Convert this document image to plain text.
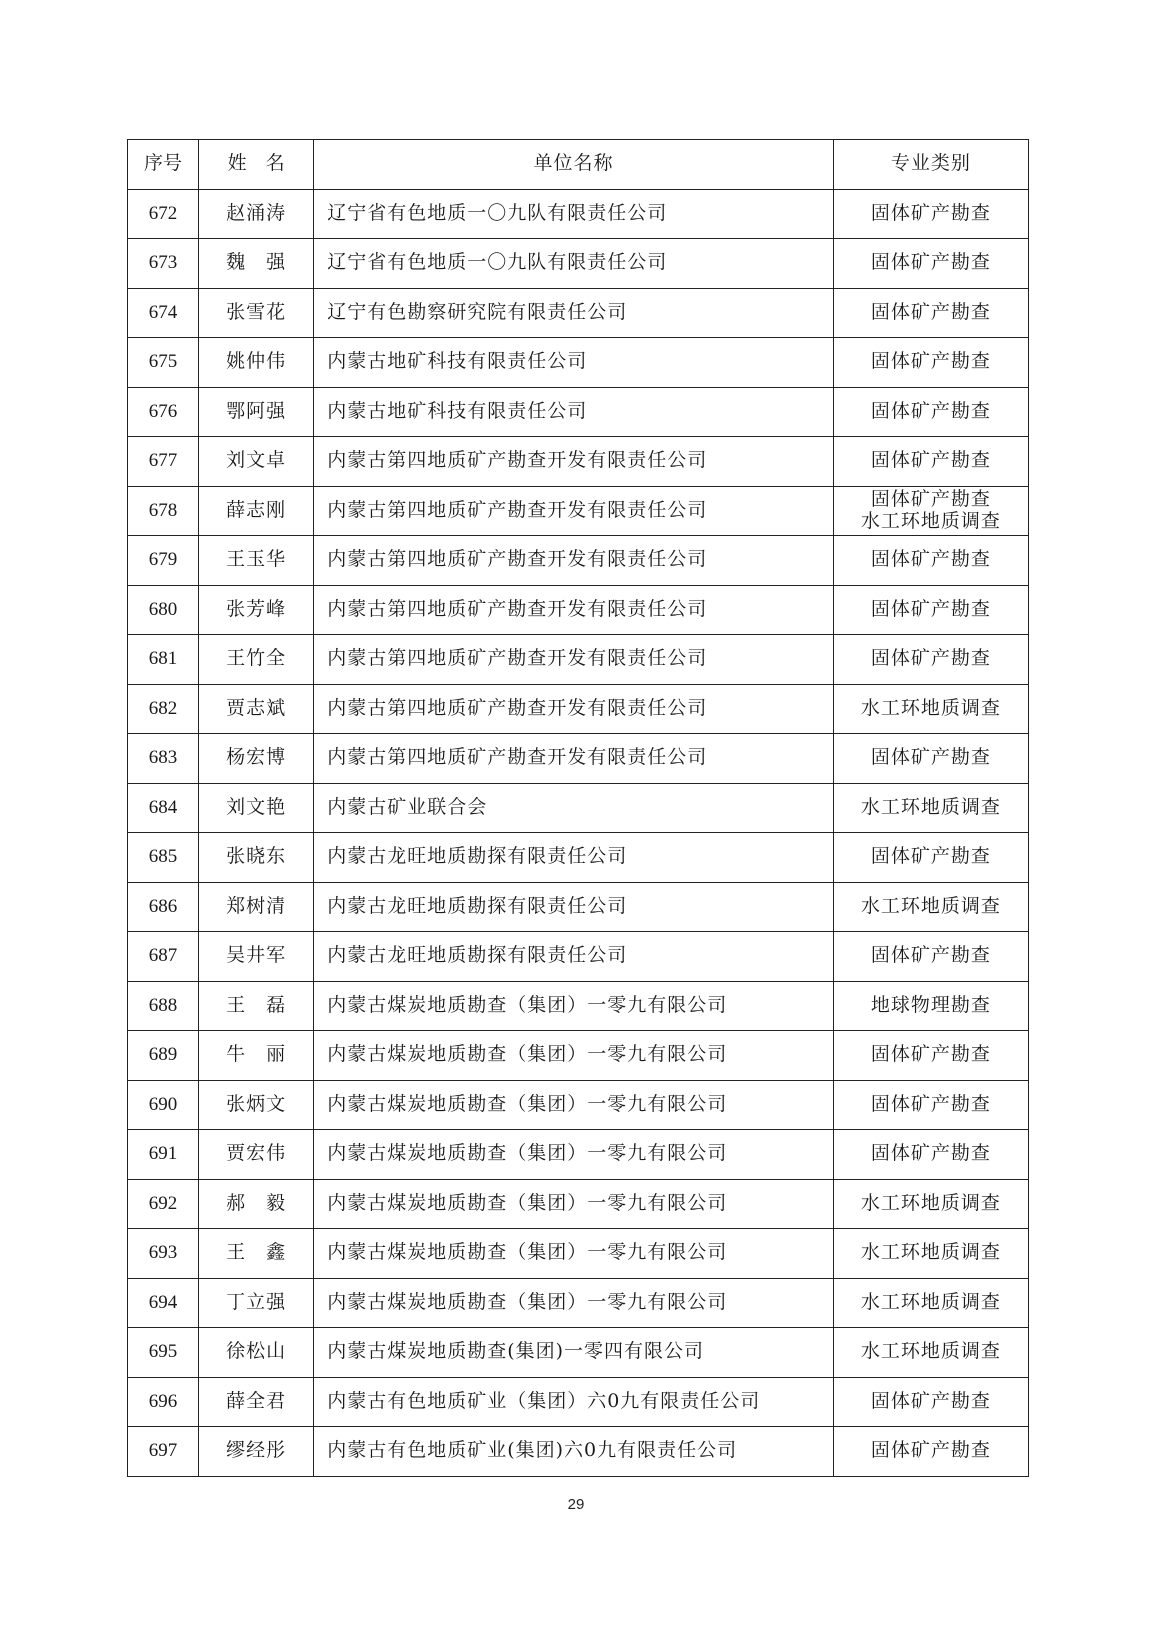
序号	姓　名	单位名称	专业类别
672	赵涌涛	辽宁省有色地质一〇九队有限责任公司	固体矿产勘查

673	魏　强	辽宁省有色地质一〇九队有限责任公司	固体矿产勘查

674	张雪花	辽宁有色勘察研究院有限责任公司	固体矿产勘查

675	姚仲伟	内蒙古地矿科技有限责任公司	固体矿产勘查

676	鄂阿强	内蒙古地矿科技有限责任公司	固体矿产勘查

677	刘文卓	内蒙古第四地质矿产勘查开发有限责任公司	固体矿产勘查

678	薛志刚	内蒙古第四地质矿产勘查开发有限责任公司	固体矿产勘查
水工环地质调查

679	王玉华	内蒙古第四地质矿产勘查开发有限责任公司	固体矿产勘查

680	张芳峰	内蒙古第四地质矿产勘查开发有限责任公司	固体矿产勘查

681	王竹全	内蒙古第四地质矿产勘查开发有限责任公司	固体矿产勘查

682	贾志斌	内蒙古第四地质矿产勘查开发有限责任公司	水工环地质调查

683	杨宏博	内蒙古第四地质矿产勘查开发有限责任公司	固体矿产勘查

684	刘文艳	内蒙古矿业联合会	水工环地质调查

685	张晓东	内蒙古龙旺地质勘探有限责任公司	固体矿产勘查

686	郑树清	内蒙古龙旺地质勘探有限责任公司	水工环地质调查

687	吴井军	内蒙古龙旺地质勘探有限责任公司	固体矿产勘查

688	王　磊	内蒙古煤炭地质勘查（集团）一零九有限公司	地球物理勘查

689	牛　丽	内蒙古煤炭地质勘查（集团）一零九有限公司	固体矿产勘查

690	张炳文	内蒙古煤炭地质勘查（集团）一零九有限公司	固体矿产勘查

691	贾宏伟	内蒙古煤炭地质勘查（集团）一零九有限公司	固体矿产勘查

692	郝　毅	内蒙古煤炭地质勘查（集团）一零九有限公司	水工环地质调查

693	王　鑫	内蒙古煤炭地质勘查（集团）一零九有限公司	水工环地质调查

694	丁立强	内蒙古煤炭地质勘查（集团）一零九有限公司	水工环地质调查

695	徐松山	内蒙古煤炭地质勘查(集团)一零四有限公司	水工环地质调查

696	薛全君	内蒙古有色地质矿业（集团）六0九有限责任公司	固体矿产勘查

697	缪经彤	内蒙古有色地质矿业(集团)六0九有限责任公司	固体矿产勘查
29
